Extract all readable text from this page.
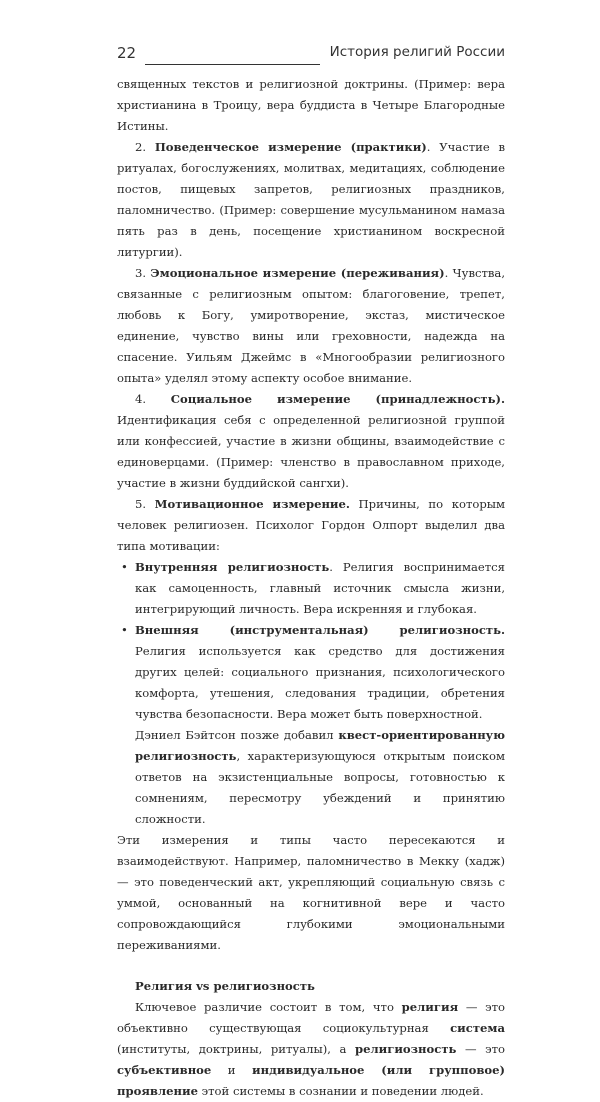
22	История религий России

священных текстов и религиозной доктрины. (Пример: вера христианина в Троицу, вера буддиста в Четыре Благородные Истины.

2. Поведенческое измерение (практики). Участие в ритуалах, богослужениях, молитвах, медитациях, соблюдение постов, пищевых запретов, религиозных праздников, паломничество. (Пример: совершение мусульманином намаза пять раз в день, посещение христианином воскресной литургии).

3. Эмоциональное измерение (переживания). Чувства, связанные с религиозным опытом: благоговение, трепет, любовь к Богу, умиротворение, экстаз, мистическое единение, чувство вины или греховности, надежда на спасение. Уильям Джеймс в «Многообразии религиозного опыта» уделял этому аспекту особое внимание.

4. Социальное измерение (принадлежность). Идентификация себя с определенной религиозной группой или конфессией, участие в жизни общины, взаимодействие с единоверцами. (Пример: членство в православном приходе, участие в жизни буддийской сангхи).

5. Мотивационное измерение. Причины, по которым человек религиозен. Психолог Гордон Олпорт выделил два типа мотивации:

• Внутренняя религиозность. Религия воспринимается как самоценность, главный источник смысла жизни, интегрирующий личность. Вера искренняя и глубокая.
• Внешняя (инструментальная) религиозность. Религия используется как средство для достижения других целей: социального признания, психологического комфорта, утешения, следования традиции, обретения чувства безопасности. Вера может быть поверхностной.

Дэниел Бэйтсон позже добавил квест-ориентированную религиозность, характеризующуюся открытым поиском ответов на экзистенциальные вопросы, готовностью к сомнениям, пересмотру убеждений и принятию сложности.

Эти измерения и типы часто пересекаются и взаимодействуют. Например, паломничество в Мекку (хадж) — это поведенческий акт, укрепляющий социальную связь с уммой, основанный на когнитивной вере и часто сопровождающийся глубокими эмоциональными переживаниями.

Религия vs религиозность

Ключевое различие состоит в том, что религия — это объективно существующая социокультурная система (институты, доктрины, ритуалы), а религиозность — это субъективное и индивидуальное (или групповое) проявление этой системы в сознании и поведении людей.
